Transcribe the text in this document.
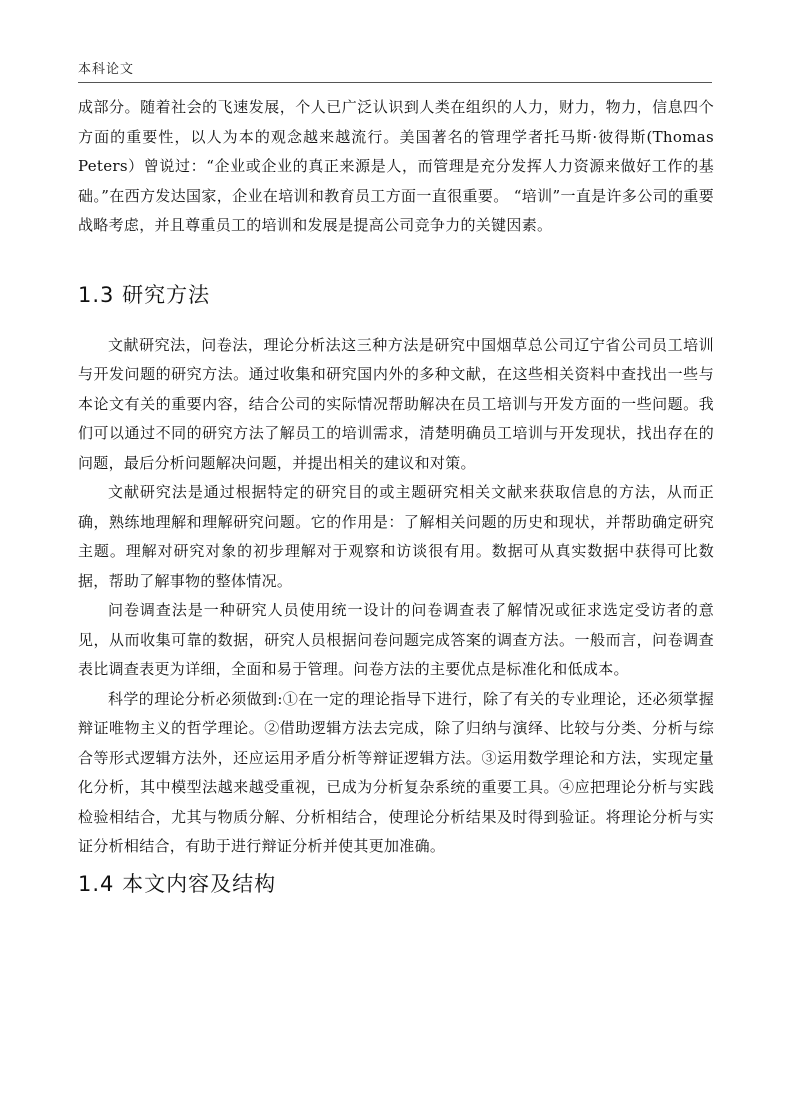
本科论文

成部分。随着社会的飞速发展，个人已广泛认识到人类在组织的人力，财力，物力，信息四个方面的重要性，以人为本的观念越来越流行。美国著名的管理学者托马斯·彼得斯(Thomas Peters）曾说过：“企业或企业的真正来源是人，而管理是充分发挥人力资源来做好工作的基础。”在西方发达国家，企业在培训和教育员工方面一直很重要。 “培训”一直是许多公司的重要战略考虑，并且尊重员工的培训和发展是提高公司竞争力的关键因素。

1.3 研究方法

文献研究法，问卷法，理论分析法这三种方法是研究中国烟草总公司辽宁省公司员工培训与开发问题的研究方法。通过收集和研究国内外的多种文献，在这些相关资料中查找出一些与本论文有关的重要内容，结合公司的实际情况帮助解决在员工培训与开发方面的一些问题。我们可以通过不同的研究方法了解员工的培训需求，清楚明确员工培训与开发现状，找出存在的问题，最后分析问题解决问题，并提出相关的建议和对策。

文献研究法是通过根据特定的研究目的或主题研究相关文献来获取信息的方法，从而正确，熟练地理解和理解研究问题。它的作用是：了解相关问题的历史和现状，并帮助确定研究主题。理解对研究对象的初步理解对于观察和访谈很有用。数据可从真实数据中获得可比数据，帮助了解事物的整体情况。

问卷调查法是一种研究人员使用统一设计的问卷调查表了解情况或征求选定受访者的意见，从而收集可靠的数据，研究人员根据问卷问题完成答案的调查方法。一般而言，问卷调查表比调查表更为详细，全面和易于管理。问卷方法的主要优点是标准化和低成本。

科学的理论分析必须做到:①在一定的理论指导下进行，除了有关的专业理论，还必须掌握辩证唯物主义的哲学理论。②借助逻辑方法去完成，除了归纳与演绎、比较与分类、分析与综合等形式逻辑方法外，还应运用矛盾分析等辩证逻辑方法。③运用数学理论和方法，实现定量化分析，其中模型法越来越受重视，已成为分析复杂系统的重要工具。④应把理论分析与实践检验相结合，尤其与物质分解、分析相结合，使理论分析结果及时得到验证。将理论分析与实证分析相结合，有助于进行辩证分析并使其更加准确。

1.4 本文内容及结构
